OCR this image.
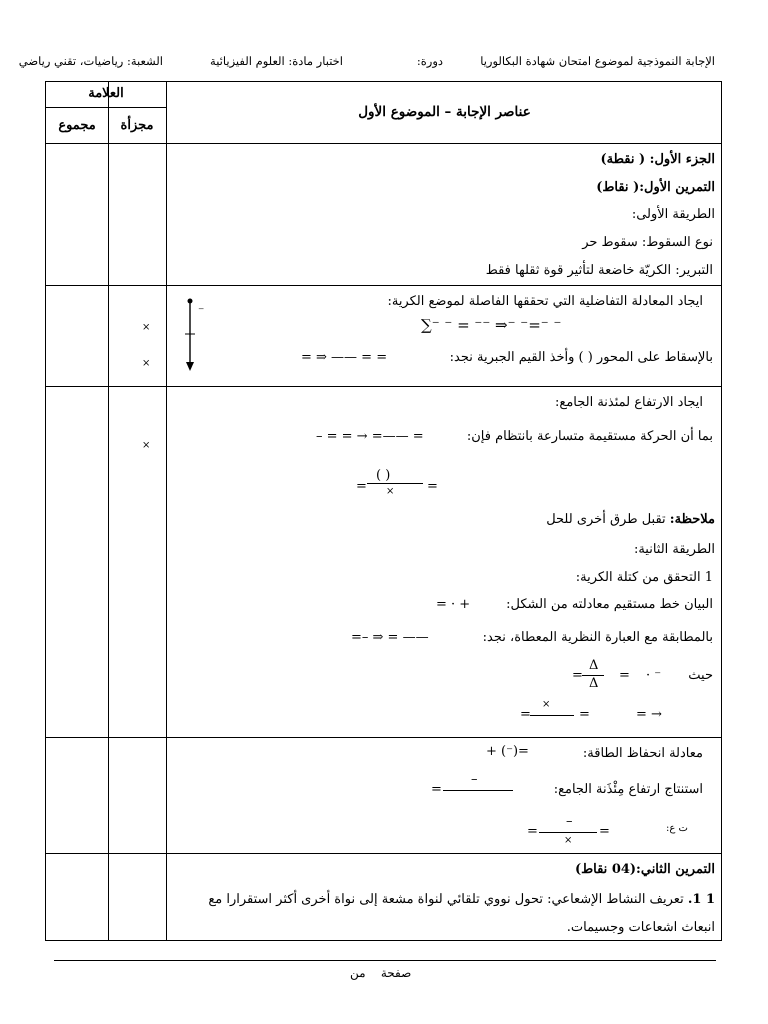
الإجابة النموذجية لموضوع امتحان شهادة البكالوريا
دورة:
اختبار مادة: العلوم الفيزيائية
الشعبة: رياضيات، تقني رياضي
العلامة
مجزأة
مجموع
عناصر الإجابة – الموضوع الأول
الجزء الأول: ( نقطة)
التمرين الأول:( نقاط)
الطريقة الأولى:
نوع السقوط: سقوط حر
التبرير: الكريّة خاضعة لتأثير قوة ثقلها فقط
ايجاد المعادلة التفاضلية التي تحققها الفاصلة لموضع الكرية:
∑⁻ ⁻ = ⁻⁻ ⇒⁻ ⁻=⁻ ⁻
بالإسقاط على المحور ( ) وأخذ القيم الجبرية نجد:
= ⇒ —— = =
⁻
×
×
ايجاد الارتفاع لمئذنة الجامع:
بما أن الحركة مستقيمة متسارعة بانتظام فإن:
– = = → =—— =
×
=
( )
×	=
ملاحظة: تقبل طرق أخرى للحل
الطريقة الثانية:
1 التحقق من كتلة الكرية:
البيان خط مستقيم معادلته من الشكل:
= · +
بالمطابقة مع العبارة النظرية المعطاة، نجد:
=– ⇒ = ——
حيث
· ⁻
=
Δ
Δ
=
=
×
=	= →
معادلة انحفاظ الطاقة:
+ (⁻)=
استنتاج ارتفاع مِئْذَنة الجامع:
–
=
ت ع:
=
–
×
=
التمرين الثاني:(04 نقاط)
1 1. تعريف النشاط الإشعاعي: تحول نووي تلقائي لنواة مشعة إلى نواة أخرى أكثر استقرارا مع
انبعاث اشعاعات وجسيمات.
صفحة    من
